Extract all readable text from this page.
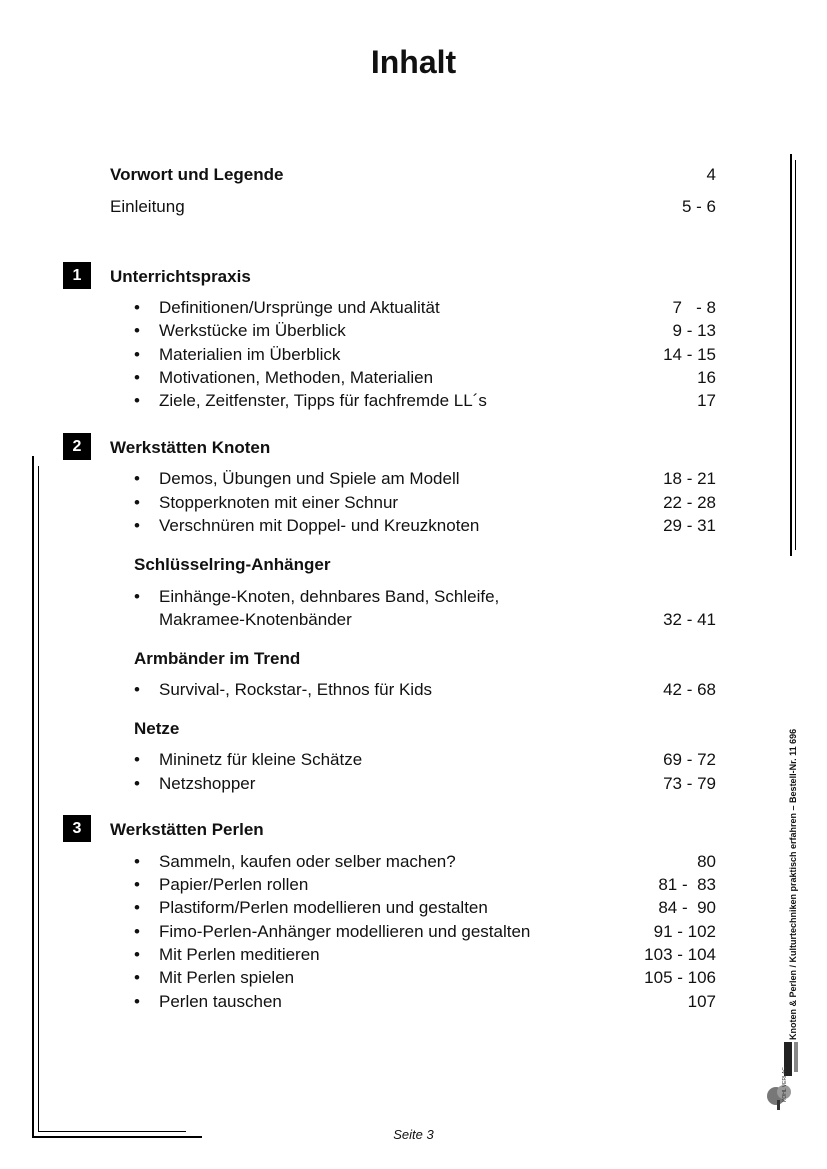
Inhalt
Vorwort und Legende	4
Einleitung	5 - 6
1	Unterrichtspraxis
• Definitionen/Ursprünge und Aktualität	7   - 8
• Werkstücke im Überblick	9 - 13
• Materialien im Überblick	14 - 15
• Motivationen, Methoden, Materialien	16
• Ziele, Zeitfenster, Tipps für fachfremde LL´s	17
2	Werkstätten Knoten
• Demos, Übungen und Spiele am Modell	18 - 21
• Stopperknoten mit einer Schnur	22 - 28
• Verschnüren mit Doppel- und Kreuzknoten	29 - 31
Schlüsselring-Anhänger
• Einhänge-Knoten, dehnbares Band, Schleife,
Makramee-Knotenbänder	32 - 41
Armbänder im Trend
• Survival-, Rockstar-, Ethnos für Kids	42 - 68
Netze
• Mininetz für kleine Schätze	69 - 72
• Netzshopper	73 - 79
3	Werkstätten Perlen
• Sammeln, kaufen oder selber machen?	80
• Papier/Perlen rollen	81 -  83
• Plastiform/Perlen modellieren und gestalten	84 -  90
• Fimo-Perlen-Anhänger modellieren und gestalten	91 - 102
• Mit Perlen meditieren	103 - 104
• Mit Perlen spielen	105 - 106
• Perlen tauschen	107	Knoten & Perlen / Kulturtechniken praktisch erfahren – Bestell-Nr. 11 696
KOHL VERLAG
Seite 3
